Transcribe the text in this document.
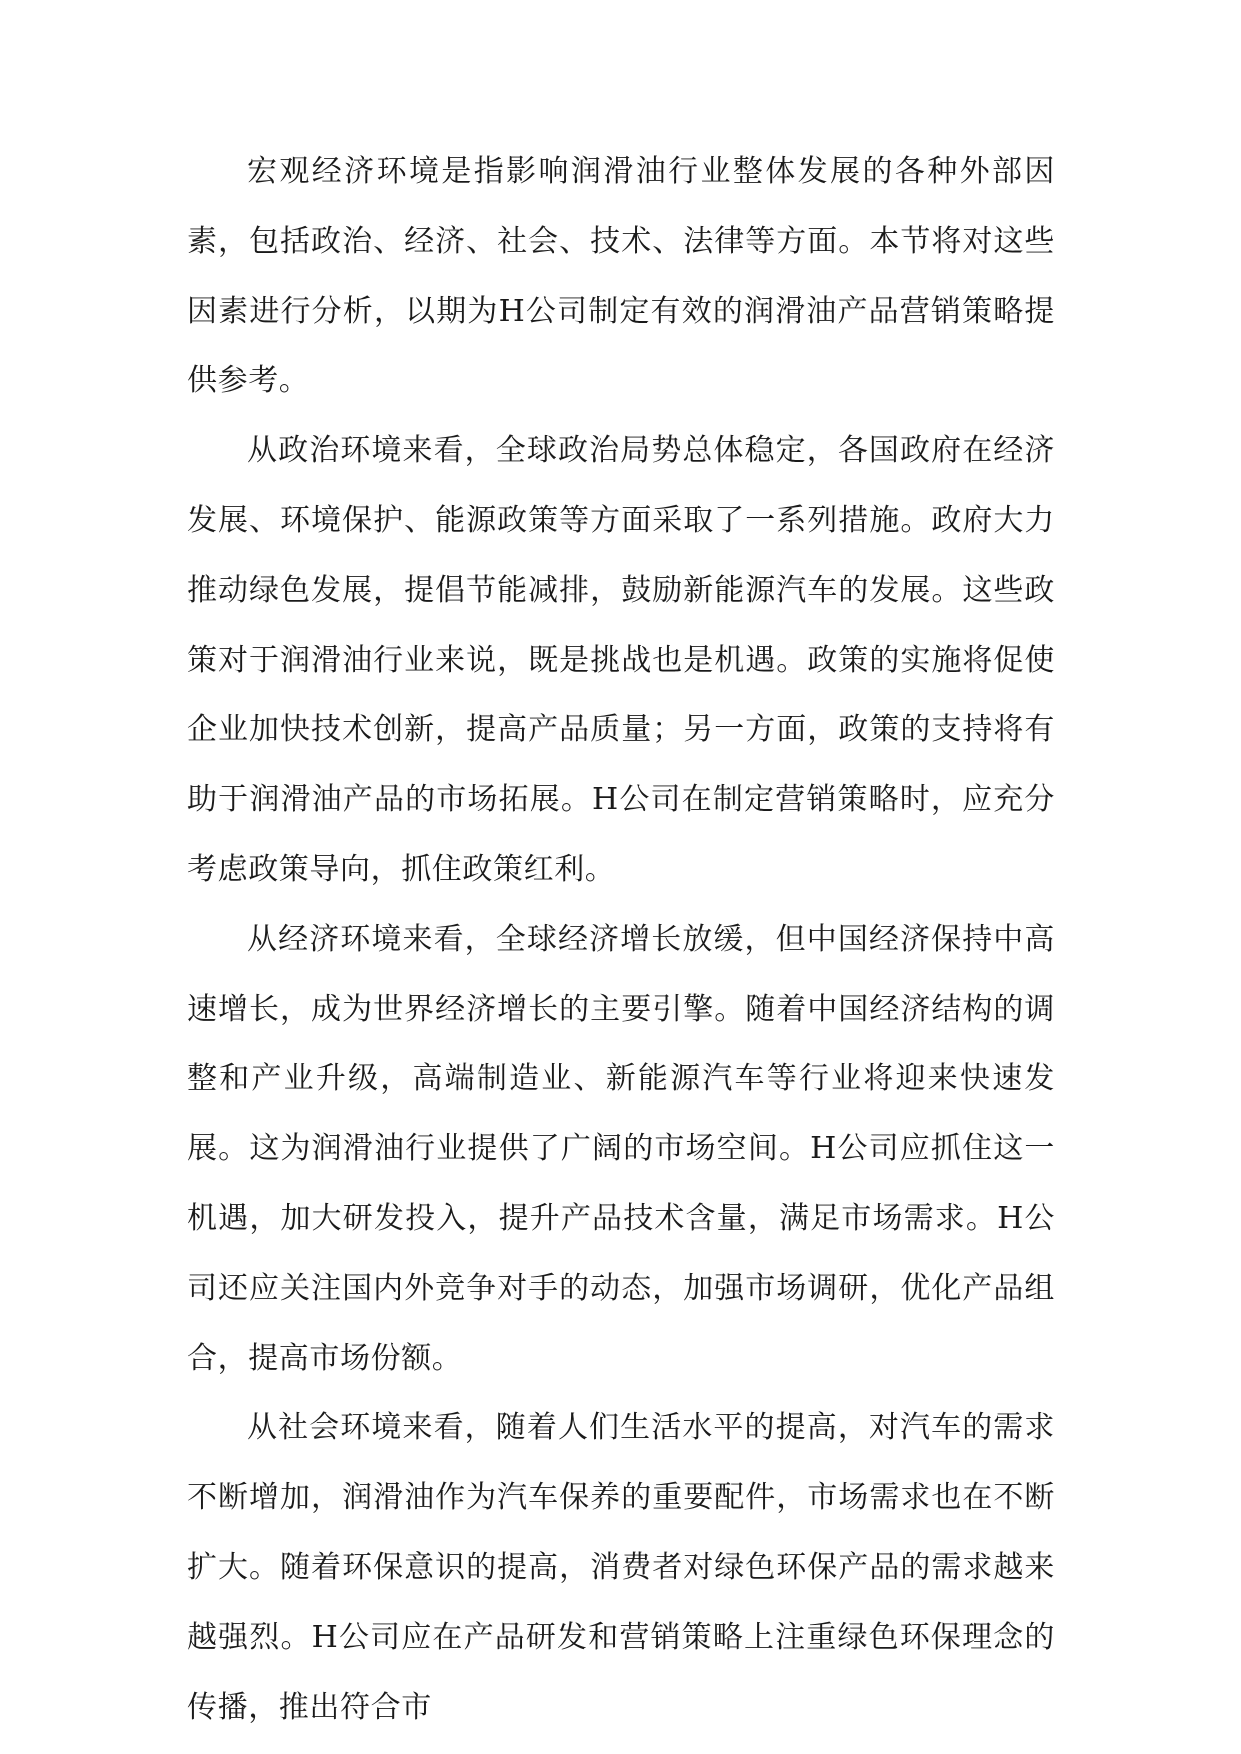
宏观经济环境是指影响润滑油行业整体发展的各种外部因素，包括政治、经济、社会、技术、法律等方面。本节将对这些因素进行分析，以期为H公司制定有效的润滑油产品营销策略提供参考。

从政治环境来看，全球政治局势总体稳定，各国政府在经济发展、环境保护、能源政策等方面采取了一系列措施。政府大力推动绿色发展，提倡节能减排，鼓励新能源汽车的发展。这些政策对于润滑油行业来说，既是挑战也是机遇。政策的实施将促使企业加快技术创新，提高产品质量；另一方面，政策的支持将有助于润滑油产品的市场拓展。H公司在制定营销策略时，应充分考虑政策导向，抓住政策红利。

从经济环境来看，全球经济增长放缓，但中国经济保持中高速增长，成为世界经济增长的主要引擎。随着中国经济结构的调整和产业升级，高端制造业、新能源汽车等行业将迎来快速发展。这为润滑油行业提供了广阔的市场空间。H公司应抓住这一机遇，加大研发投入，提升产品技术含量，满足市场需求。H公司还应关注国内外竞争对手的动态，加强市场调研，优化产品组合，提高市场份额。

从社会环境来看，随着人们生活水平的提高，对汽车的需求不断增加，润滑油作为汽车保养的重要配件，市场需求也在不断扩大。随着环保意识的提高，消费者对绿色环保产品的需求越来越强烈。H公司应在产品研发和营销策略上注重绿色环保理念的传播，推出符合市
